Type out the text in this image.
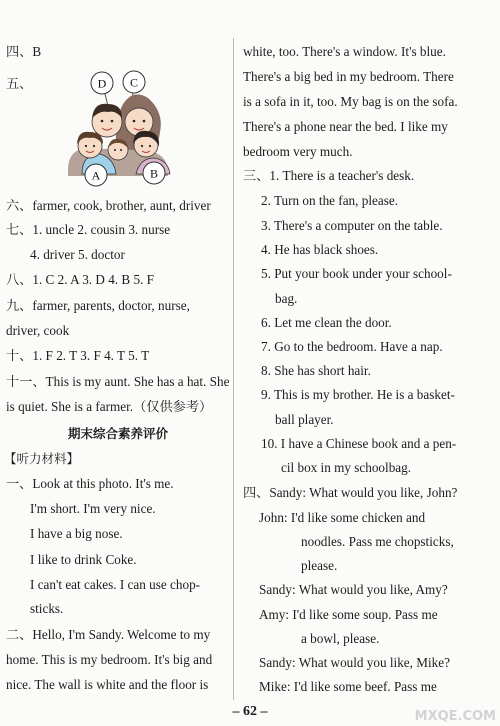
四、B
五、
六、farmer, cook, brother, aunt, driver
七、1. uncle 2. cousin 3. nurse
4. driver 5. doctor
八、1. C 2. A 3. D 4. B 5. F
九、farmer, parents, doctor, nurse,
driver, cook
十、1. F 2. T 3. F 4. T 5. T
十一、This is my aunt. She has a hat. She
is quiet. She is a farmer.（仅供参考）
期末综合素养评价
【听力材料】
一、Look at this photo. It's me.
I'm short. I'm very nice.
I have a big nose.
I like to drink Coke.
I can't eat cakes. I can use chop-
sticks.
二、Hello, I'm Sandy. Welcome to my
home. This is my bedroom. It's big and
nice. The wall is white and the floor is
D C
A	B
white, too. There's a window. It's blue.
There's a big bed in my bedroom. There
is a sofa in it, too. My bag is on the sofa.
There's a phone near the bed. I like my
bedroom very much.
三、1. There is a teacher's desk.
2. Turn on the fan, please.
3. There's a computer on the table.
4. He has black shoes.
5. Put your book under your school-
bag.
6. Let me clean the door.
7. Go to the bedroom. Have a nap.
8. She has short hair.
9. This is my brother. He is a basket-
ball player.
10. I have a Chinese book and a pen-
cil box in my schoolbag.
四、Sandy: What would you like, John?
John: I'd like some chicken and
noodles. Pass me chopsticks,
please.
Sandy: What would you like, Amy?
Amy: I'd like some soup. Pass me
a bowl, please.
Sandy: What would you like, Mike?
Mike: I'd like some beef. Pass me
– 62 –	MXQE.COM
